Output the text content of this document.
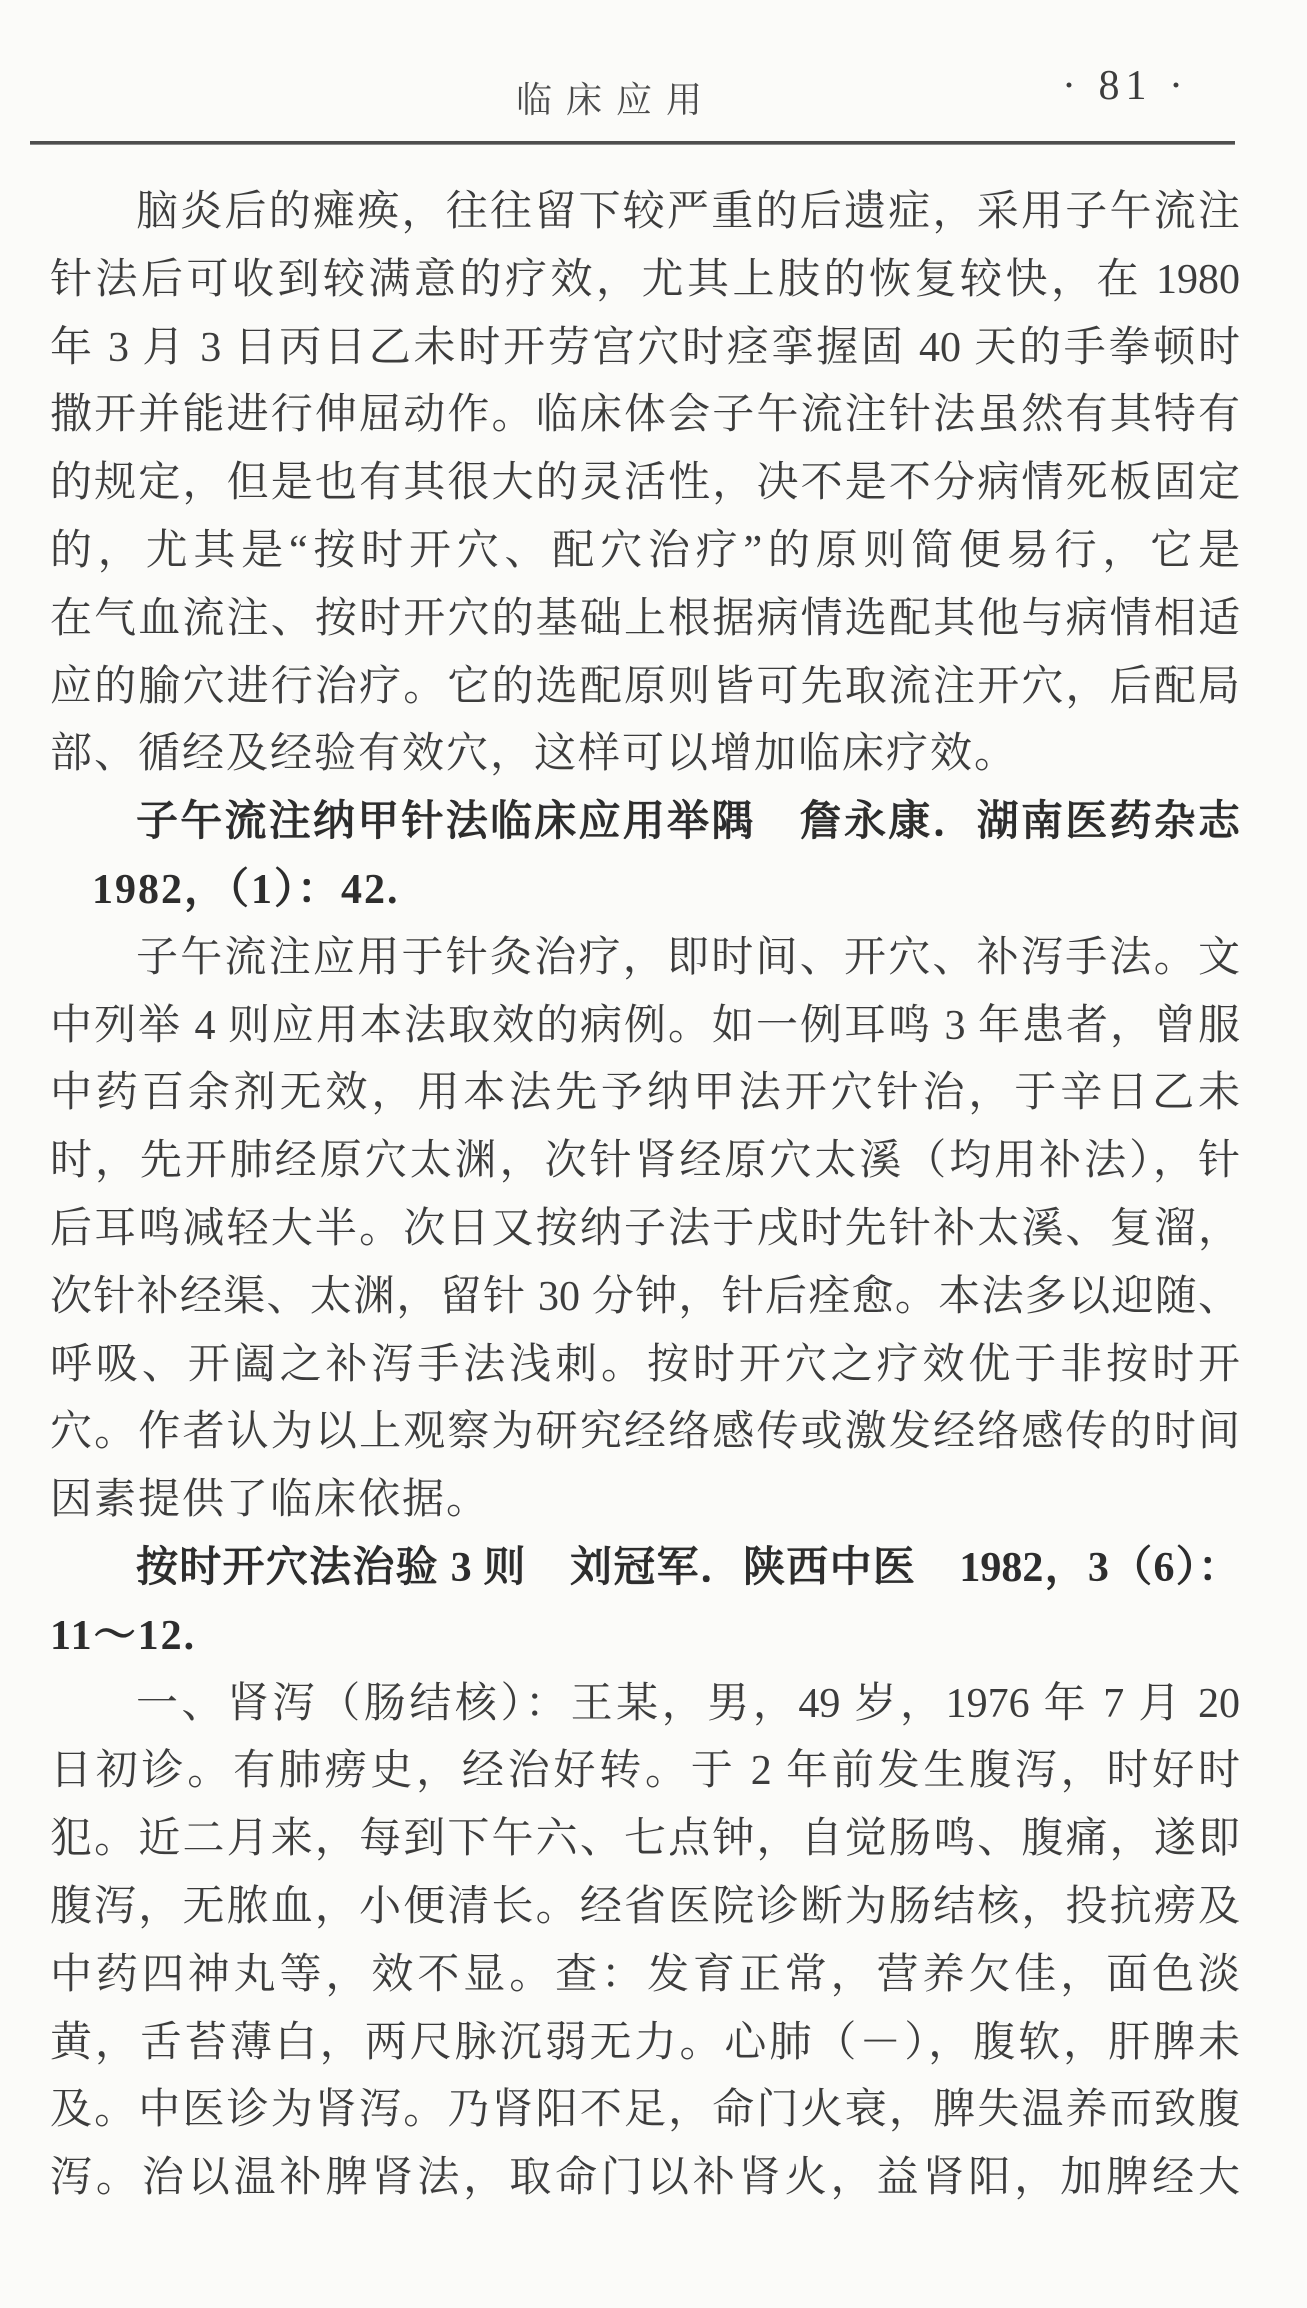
临床应用	· 81 ·
脑炎后的瘫痪，往往留下较严重的后遗症，采用子午流注
针法后可收到较满意的疗效，尤其上肢的恢复较快，在 1980
年 3 月 3 日丙日乙未时开劳宫穴时痉挛握固 40 天的手拳顿时
撒开并能进行伸屈动作。临床体会子午流注针法虽然有其特有
的规定，但是也有其很大的灵活性，决不是不分病情死板固定
的，尤其是“按时开穴、配穴治疗”的原则简便易行，它是
在气血流注、按时开穴的基础上根据病情选配其他与病情相适
应的腧穴进行治疗。它的选配原则皆可先取流注开穴，后配局
部、循经及经验有效穴，这样可以增加临床疗效。
子午流注纳甲针法临床应用举隅　詹永康．湖南医药杂志
1982，（1）：42.
子午流注应用于针灸治疗，即时间、开穴、补泻手法。文
中列举 4 则应用本法取效的病例。如一例耳鸣 3 年患者，曾服
中药百余剂无效，用本法先予纳甲法开穴针治，于辛日乙未
时，先开肺经原穴太渊，次针肾经原穴太溪（均用补法），针
后耳鸣减轻大半。次日又按纳子法于戌时先针补太溪、复溜，
次针补经渠、太渊，留针 30 分钟，针后痊愈。本法多以迎随、
呼吸、开阖之补泻手法浅刺。按时开穴之疗效优于非按时开
穴。作者认为以上观察为研究经络感传或激发经络感传的时间
因素提供了临床依据。
按时开穴法治验 3 则　刘冠军．陕西中医　1982，3（6）：
11～12.
一、肾泻（肠结核）：王某，男，49 岁，1976 年 7 月 20
日初诊。有肺痨史，经治好转。于 2 年前发生腹泻，时好时
犯。近二月来，每到下午六、七点钟，自觉肠鸣、腹痛，遂即
腹泻，无脓血，小便清长。经省医院诊断为肠结核，投抗痨及
中药四神丸等，效不显。查：发育正常，营养欠佳，面色淡
黄，舌苔薄白，两尺脉沉弱无力。心肺（－），腹软，肝脾未
及。中医诊为肾泻。乃肾阳不足，命门火衰，脾失温养而致腹
泻。治以温补脾肾法，取命门以补肾火，益肾阳，加脾经大
